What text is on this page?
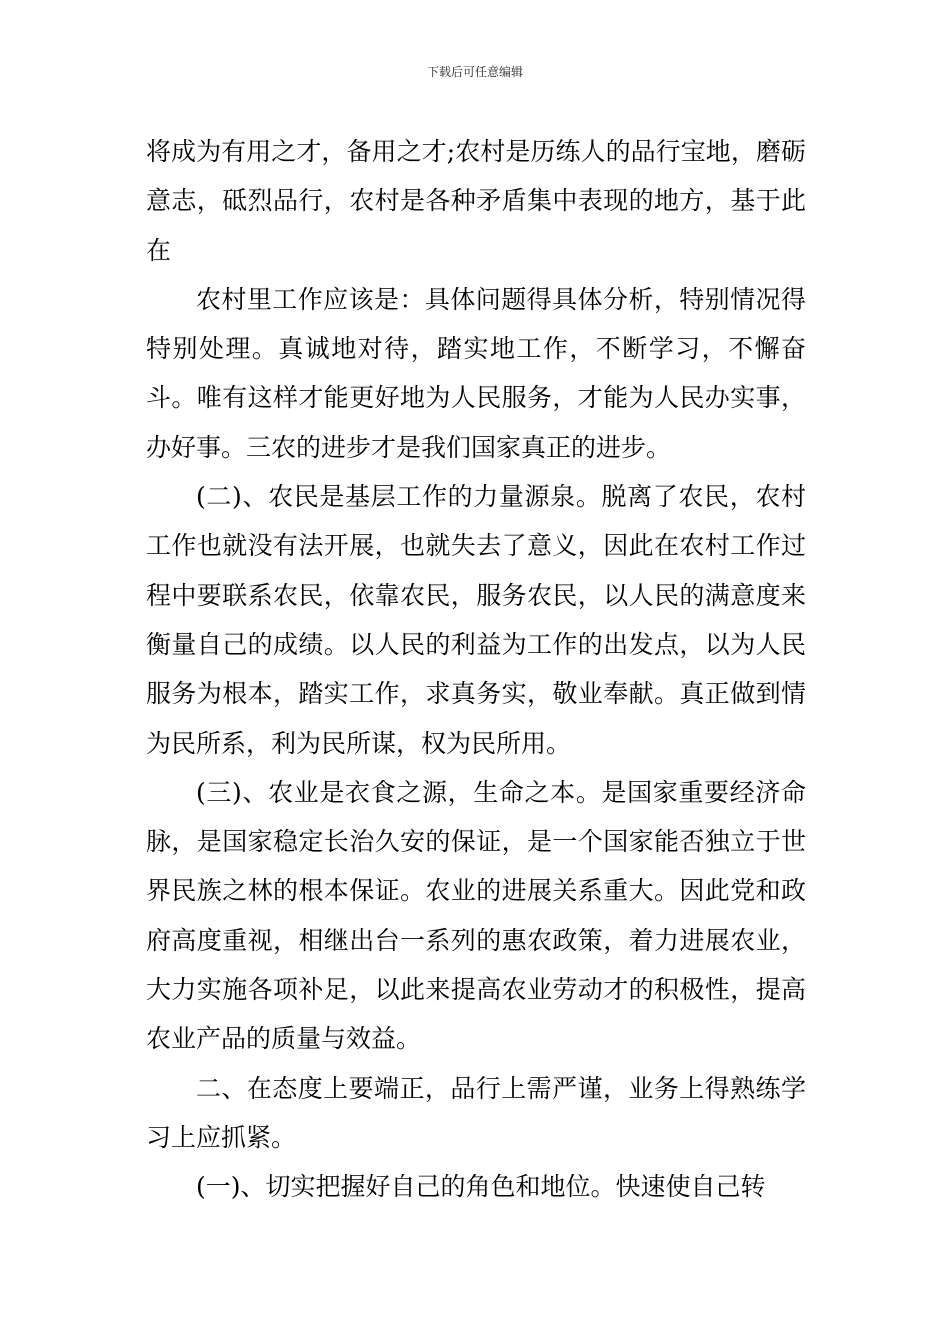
下载后可任意编辑

将成为有用之才，备用之才;农村是历练人的品行宝地，磨砺意志，砥烈品行，农村是各种矛盾集中表现的地方，基于此在

农村里工作应该是：具体问题得具体分析，特别情况得特别处理。真诚地对待，踏实地工作，不断学习，不懈奋斗。唯有这样才能更好地为人民服务，才能为人民办实事，办好事。三农的进步才是我们国家真正的进步。

(二)、农民是基层工作的力量源泉。脱离了农民，农村工作也就没有法开展，也就失去了意义，因此在农村工作过程中要联系农民，依靠农民，服务农民，以人民的满意度来衡量自己的成绩。以人民的利益为工作的出发点，以为人民服务为根本，踏实工作，求真务实，敬业奉献。真正做到情为民所系，利为民所谋，权为民所用。

(三)、农业是衣食之源，生命之本。是国家重要经济命脉，是国家稳定长治久安的保证，是一个国家能否独立于世界民族之林的根本保证。农业的进展关系重大。因此党和政府高度重视，相继出台一系列的惠农政策，着力进展农业，大力实施各项补足，以此来提高农业劳动才的积极性，提高农业产品的质量与效益。

二、在态度上要端正，品行上需严谨，业务上得熟练学习上应抓紧。

(一)、切实把握好自己的角色和地位。快速使自己转
